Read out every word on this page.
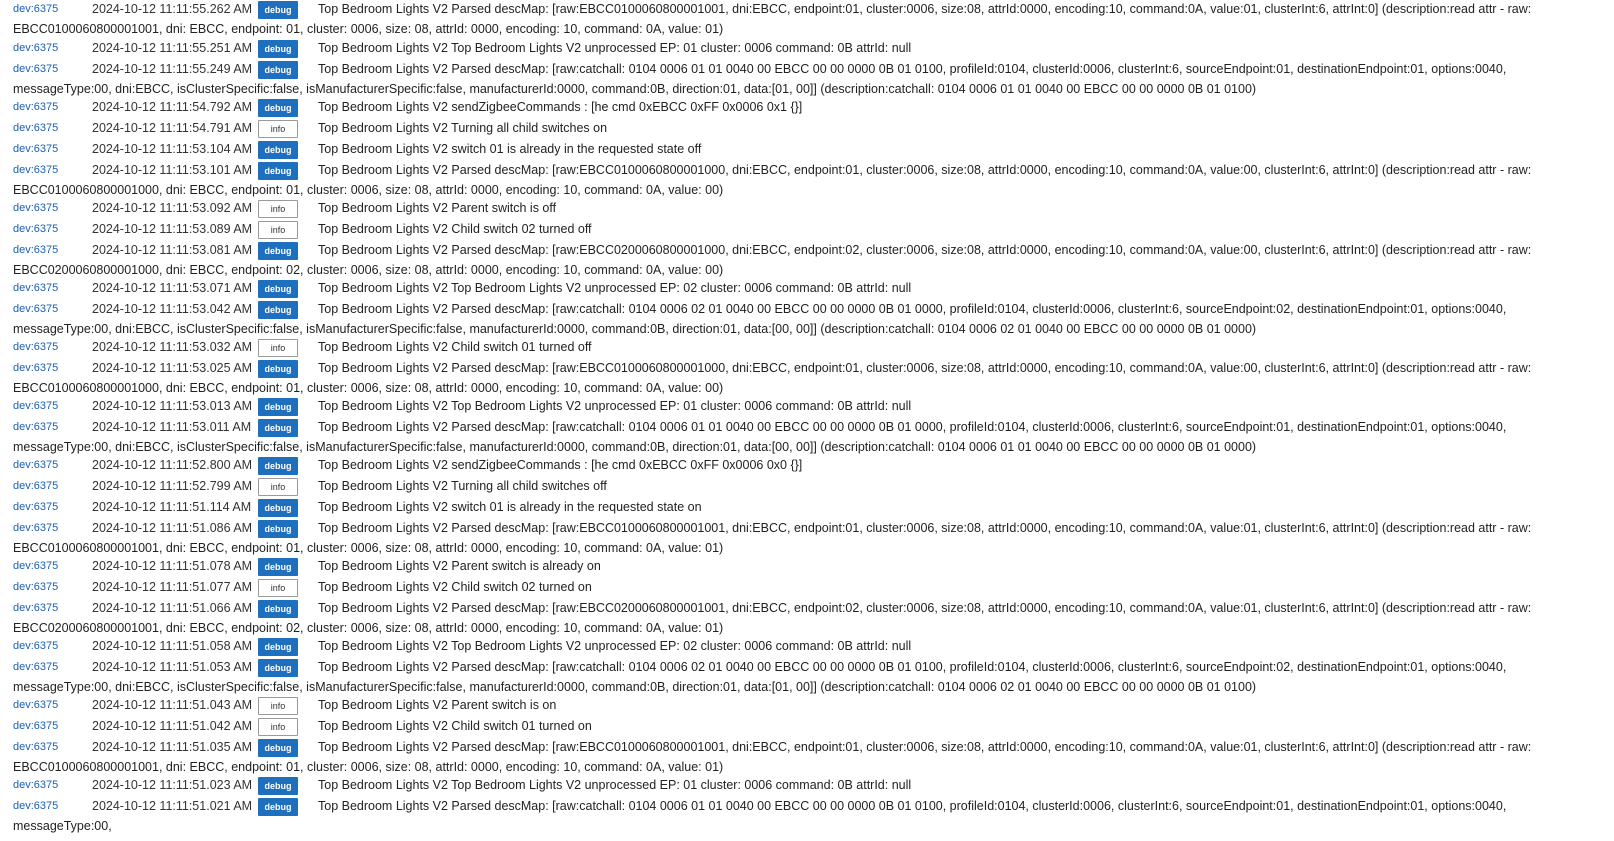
dev:6375	2024-10-12 11:11:55.262 AM	debug	Top Bedroom Lights V2 Parsed descMap: [raw:EBCC0100060800001001, dni:EBCC, endpoint:01, cluster:0006, size:08, attrId:0000, encoding:10, command:0A, value:01, clusterInt:6, attrInt:0] (description:read attr - raw: EBCC0100060800001001, dni: EBCC, endpoint: 01, cluster: 0006, size: 08, attrId: 0000, encoding: 10, command: 0A, value: 01)

dev:6375	2024-10-12 11:11:55.251 AM	debug	Top Bedroom Lights V2 Top Bedroom Lights V2 unprocessed EP: 01 cluster: 0006 command: 0B attrId: null

dev:6375	2024-10-12 11:11:55.249 AM	debug	Top Bedroom Lights V2 Parsed descMap: [raw:catchall: 0104 0006 01 01 0040 00 EBCC 00 00 0000 0B 01 0100, profileId:0104, clusterId:0006, clusterInt:6, sourceEndpoint:01, destinationEndpoint:01, options:0040, messageType:00, dni:EBCC, isClusterSpecific:false, isManufacturerSpecific:false, manufacturerId:0000, command:0B, direction:01, data:[01, 00]] (description:catchall: 0104 0006 01 01 0040 00 EBCC 00 00 0000 0B 01 0100)

dev:6375	2024-10-12 11:11:54.792 AM	debug	Top Bedroom Lights V2 sendZigbeeCommands : [he cmd 0xEBCC 0xFF 0x0006 0x1 {}]

dev:6375	2024-10-12 11:11:54.791 AM	info	Top Bedroom Lights V2 Turning all child switches on

dev:6375	2024-10-12 11:11:53.104 AM	debug	Top Bedroom Lights V2 switch 01 is already in the requested state off

dev:6375	2024-10-12 11:11:53.101 AM	debug	Top Bedroom Lights V2 Parsed descMap: [raw:EBCC0100060800001000, dni:EBCC, endpoint:01, cluster:0006, size:08, attrId:0000, encoding:10, command:0A, value:00, clusterInt:6, attrInt:0] (description:read attr - raw: EBCC0100060800001000, dni: EBCC, endpoint: 01, cluster: 0006, size: 08, attrId: 0000, encoding: 10, command: 0A, value: 00)

dev:6375	2024-10-12 11:11:53.092 AM	info	Top Bedroom Lights V2 Parent switch is off

dev:6375	2024-10-12 11:11:53.089 AM	info	Top Bedroom Lights V2 Child switch 02 turned off

dev:6375	2024-10-12 11:11:53.081 AM	debug	Top Bedroom Lights V2 Parsed descMap: [raw:EBCC0200060800001000, dni:EBCC, endpoint:02, cluster:0006, size:08, attrId:0000, encoding:10, command:0A, value:00, clusterInt:6, attrInt:0] (description:read attr - raw: EBCC0200060800001000, dni: EBCC, endpoint: 02, cluster: 0006, size: 08, attrId: 0000, encoding: 10, command: 0A, value: 00)

dev:6375	2024-10-12 11:11:53.071 AM	debug	Top Bedroom Lights V2 Top Bedroom Lights V2 unprocessed EP: 02 cluster: 0006 command: 0B attrId: null

dev:6375	2024-10-12 11:11:53.042 AM	debug	Top Bedroom Lights V2 Parsed descMap: [raw:catchall: 0104 0006 02 01 0040 00 EBCC 00 00 0000 0B 01 0000, profileId:0104, clusterId:0006, clusterInt:6, sourceEndpoint:02, destinationEndpoint:01, options:0040, messageType:00, dni:EBCC, isClusterSpecific:false, isManufacturerSpecific:false, manufacturerId:0000, command:0B, direction:01, data:[00, 00]] (description:catchall: 0104 0006 02 01 0040 00 EBCC 00 00 0000 0B 01 0000)

dev:6375	2024-10-12 11:11:53.032 AM	info	Top Bedroom Lights V2 Child switch 01 turned off

dev:6375	2024-10-12 11:11:53.025 AM	debug	Top Bedroom Lights V2 Parsed descMap: [raw:EBCC0100060800001000, dni:EBCC, endpoint:01, cluster:0006, size:08, attrId:0000, encoding:10, command:0A, value:00, clusterInt:6, attrInt:0] (description:read attr - raw: EBCC0100060800001000, dni: EBCC, endpoint: 01, cluster: 0006, size: 08, attrId: 0000, encoding: 10, command: 0A, value: 00)

dev:6375	2024-10-12 11:11:53.013 AM	debug	Top Bedroom Lights V2 Top Bedroom Lights V2 unprocessed EP: 01 cluster: 0006 command: 0B attrId: null

dev:6375	2024-10-12 11:11:53.011 AM	debug	Top Bedroom Lights V2 Parsed descMap: [raw:catchall: 0104 0006 01 01 0040 00 EBCC 00 00 0000 0B 01 0000, profileId:0104, clusterId:0006, clusterInt:6, sourceEndpoint:01, destinationEndpoint:01, options:0040, messageType:00, dni:EBCC, isClusterSpecific:false, isManufacturerSpecific:false, manufacturerId:0000, command:0B, direction:01, data:[00, 00]] (description:catchall: 0104 0006 01 01 0040 00 EBCC 00 00 0000 0B 01 0000)

dev:6375	2024-10-12 11:11:52.800 AM	debug	Top Bedroom Lights V2 sendZigbeeCommands : [he cmd 0xEBCC 0xFF 0x0006 0x0 {}]

dev:6375	2024-10-12 11:11:52.799 AM	info	Top Bedroom Lights V2 Turning all child switches off

dev:6375	2024-10-12 11:11:51.114 AM	debug	Top Bedroom Lights V2 switch 01 is already in the requested state on

dev:6375	2024-10-12 11:11:51.086 AM	debug	Top Bedroom Lights V2 Parsed descMap: [raw:EBCC0100060800001001, dni:EBCC, endpoint:01, cluster:0006, size:08, attrId:0000, encoding:10, command:0A, value:01, clusterInt:6, attrInt:0] (description:read attr - raw: EBCC0100060800001001, dni: EBCC, endpoint: 01, cluster: 0006, size: 08, attrId: 0000, encoding: 10, command: 0A, value: 01)

dev:6375	2024-10-12 11:11:51.078 AM	debug	Top Bedroom Lights V2 Parent switch is already on

dev:6375	2024-10-12 11:11:51.077 AM	info	Top Bedroom Lights V2 Child switch 02 turned on

dev:6375	2024-10-12 11:11:51.066 AM	debug	Top Bedroom Lights V2 Parsed descMap: [raw:EBCC0200060800001001, dni:EBCC, endpoint:02, cluster:0006, size:08, attrId:0000, encoding:10, command:0A, value:01, clusterInt:6, attrInt:0] (description:read attr - raw: EBCC0200060800001001, dni: EBCC, endpoint: 02, cluster: 0006, size: 08, attrId: 0000, encoding: 10, command: 0A, value: 01)

dev:6375	2024-10-12 11:11:51.058 AM	debug	Top Bedroom Lights V2 Top Bedroom Lights V2 unprocessed EP: 02 cluster: 0006 command: 0B attrId: null

dev:6375	2024-10-12 11:11:51.053 AM	debug	Top Bedroom Lights V2 Parsed descMap: [raw:catchall: 0104 0006 02 01 0040 00 EBCC 00 00 0000 0B 01 0100, profileId:0104, clusterId:0006, clusterInt:6, sourceEndpoint:02, destinationEndpoint:01, options:0040, messageType:00, dni:EBCC, isClusterSpecific:false, isManufacturerSpecific:false, manufacturerId:0000, command:0B, direction:01, data:[01, 00]] (description:catchall: 0104 0006 02 01 0040 00 EBCC 00 00 0000 0B 01 0100)

dev:6375	2024-10-12 11:11:51.043 AM	info	Top Bedroom Lights V2 Parent switch is on

dev:6375	2024-10-12 11:11:51.042 AM	info	Top Bedroom Lights V2 Child switch 01 turned on

dev:6375	2024-10-12 11:11:51.035 AM	debug	Top Bedroom Lights V2 Parsed descMap: [raw:EBCC0100060800001001, dni:EBCC, endpoint:01, cluster:0006, size:08, attrId:0000, encoding:10, command:0A, value:01, clusterInt:6, attrInt:0] (description:read attr - raw: EBCC0100060800001001, dni: EBCC, endpoint: 01, cluster: 0006, size: 08, attrId: 0000, encoding: 10, command: 0A, value: 01)

dev:6375	2024-10-12 11:11:51.023 AM	debug	Top Bedroom Lights V2 Top Bedroom Lights V2 unprocessed EP: 01 cluster: 0006 command: 0B attrId: null

dev:6375	2024-10-12 11:11:51.021 AM	debug	Top Bedroom Lights V2 Parsed descMap: [raw:catchall: 0104 0006 01 01 0040 00 EBCC 00 00 0000 0B 01 0100, profileId:0104, clusterId:0006, clusterInt:6, sourceEndpoint:01, destinationEndpoint:01, options:0040, messageType:00,
